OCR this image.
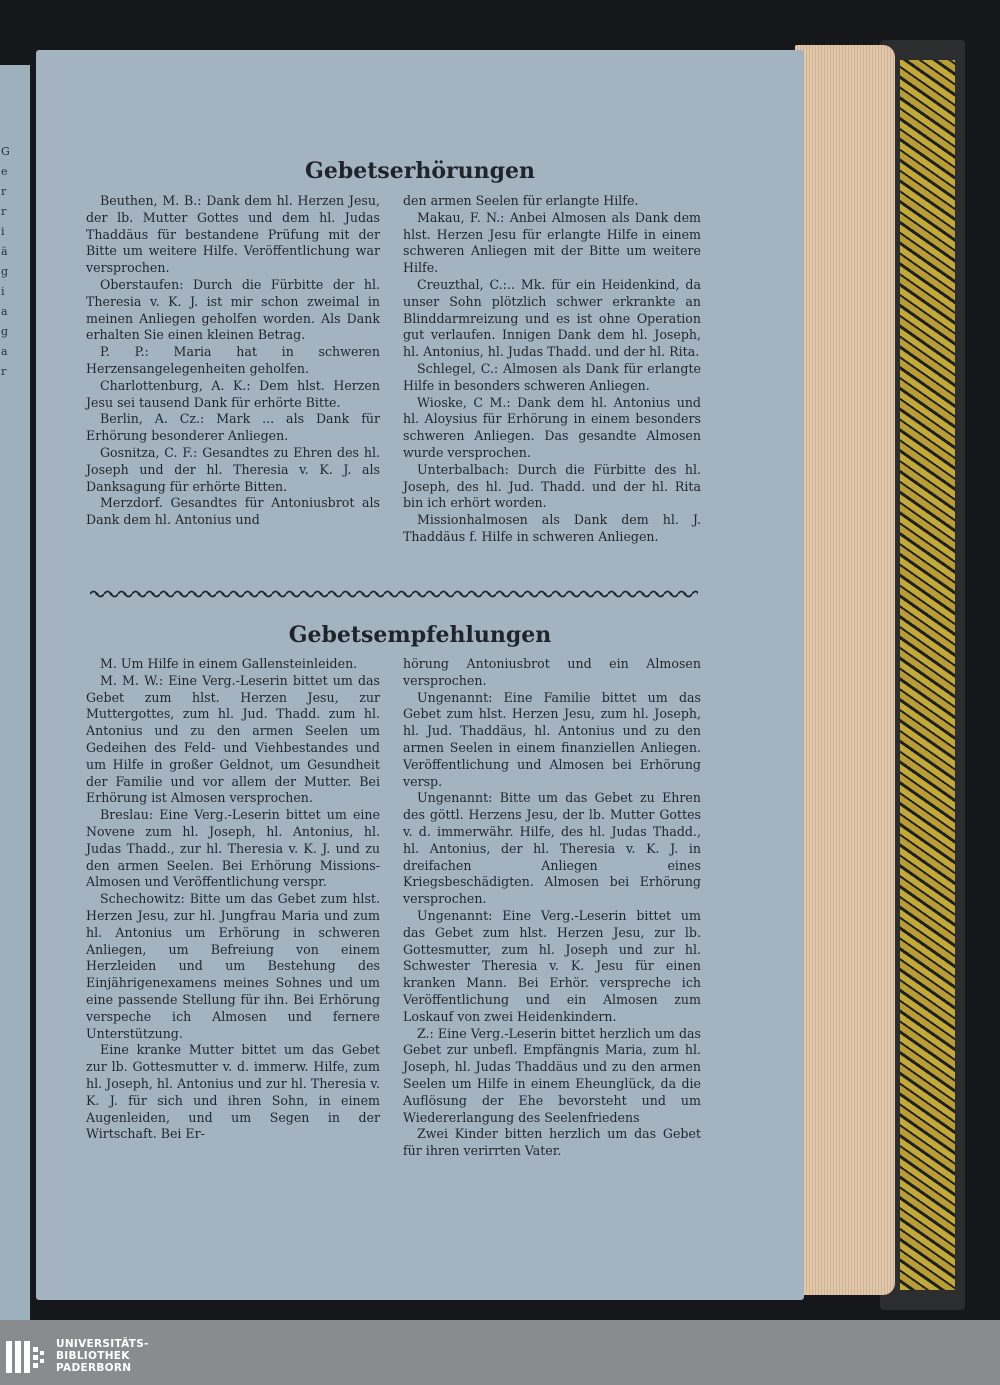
G
e
r
r
i
ä
g
i
a
g
a
r
Gebetserhörungen

Beuthen, M. B.: Dank dem hl. Herzen Jesu, der lb. Mutter Gottes und dem hl. Judas Thaddäus für bestandene Prüfung mit der Bitte um weitere Hilfe. Veröffentlichung war versprochen.

Oberstaufen: Durch die Fürbitte der hl. Theresia v. K. J. ist mir schon zweimal in meinen Anliegen geholfen worden. Als Dank erhalten Sie einen kleinen Betrag.

P. P.: Maria hat in schweren Herzensangelegenheiten geholfen.

Charlottenburg, A. K.: Dem hlst. Herzen Jesu sei tausend Dank für erhörte Bitte.

Berlin, A. Cz.: Mark ... als Dank für Erhörung besonderer Anliegen.

Gosnitza, C. F.: Gesandtes zu Ehren des hl. Joseph und der hl. Theresia v. K. J. als Danksagung für erhörte Bitten.

Merzdorf. Gesandtes für Antoniusbrot als Dank dem hl. Antonius und

den armen Seelen für erlangte Hilfe.

Makau, F. N.: Anbei Almosen als Dank dem hlst. Herzen Jesu für erlangte Hilfe in einem schweren Anliegen mit der Bitte um weitere Hilfe.

Creuzthal, C.:.. Mk. für ein Heidenkind, da unser Sohn plötzlich schwer erkrankte an Blinddarmreizung und es ist ohne Operation gut verlaufen. Innigen Dank dem hl. Joseph, hl. Antonius, hl. Judas Thadd. und der hl. Rita.

Schlegel, C.: Almosen als Dank für erlangte Hilfe in besonders schweren Anliegen.

Wioske, C M.: Dank dem hl. Antonius und hl. Aloysius für Erhörung in einem besonders schweren Anliegen. Das gesandte Almosen wurde versprochen.

Unterbalbach: Durch die Fürbitte des hl. Joseph, des hl. Jud. Thadd. und der hl. Rita bin ich erhört worden.

Missionhalmosen als Dank dem hl. J. Thaddäus f. Hilfe in schweren Anliegen.

Gebetsempfehlungen

M. Um Hilfe in einem Gallensteinleiden.

M. M. W.: Eine Verg.-Leserin bittet um das Gebet zum hlst. Herzen Jesu, zur Muttergottes, zum hl. Jud. Thadd. zum hl. Antonius und zu den armen Seelen um Gedeihen des Feld- und Viehbestandes und um Hilfe in großer Geldnot, um Gesundheit der Familie und vor allem der Mutter. Bei Erhörung ist Almosen versprochen.

Breslau: Eine Verg.-Leserin bittet um eine Novene zum hl. Joseph, hl. Antonius, hl. Judas Thadd., zur hl. Theresia v. K. J. und zu den armen Seelen. Bei Erhörung Missions-Almosen und Veröffentlichung verspr.

Schechowitz: Bitte um das Gebet zum hlst. Herzen Jesu, zur hl. Jungfrau Maria und zum hl. Antonius um Erhörung in schweren Anliegen, um Befreiung von einem Herzleiden und um Bestehung des Einjährigenexamens meines Sohnes und um eine passende Stellung für ihn. Bei Erhörung verspeche ich Almosen und fernere Unterstützung.

Eine kranke Mutter bittet um das Gebet zur lb. Gottesmutter v. d. immerw. Hilfe, zum hl. Joseph, hl. Antonius und zur hl. Theresia v. K. J. für sich und ihren Sohn, in einem Augenleiden, und um Segen in der Wirtschaft. Bei Er-

hörung Antoniusbrot und ein Almosen versprochen.

Ungenannt: Eine Familie bittet um das Gebet zum hlst. Herzen Jesu, zum hl. Joseph, hl. Jud. Thaddäus, hl. Antonius und zu den armen Seelen in einem finanziellen Anliegen. Veröffentlichung und Almosen bei Erhörung versp.

Ungenannt: Bitte um das Gebet zu Ehren des göttl. Herzens Jesu, der lb. Mutter Gottes v. d. immerwähr. Hilfe, des hl. Judas Thadd., hl. Antonius, der hl. Theresia v. K. J. in dreifachen Anliegen eines Kriegsbeschädigten. Almosen bei Erhörung versprochen.

Ungenannt: Eine Verg.-Leserin bittet um das Gebet zum hlst. Herzen Jesu, zur lb. Gottesmutter, zum hl. Joseph und zur hl. Schwester Theresia v. K. Jesu für einen kranken Mann. Bei Erhör. verspreche ich Veröffentlichung und ein Almosen zum Loskauf von zwei Heidenkindern.

Z.: Eine Verg.-Leserin bittet herzlich um das Gebet zur unbefl. Empfängnis Maria, zum hl. Joseph, hl. Judas Thaddäus und zu den armen Seelen um Hilfe in einem Eheunglück, da die Auflösung der Ehe bevorsteht und um Wiedererlangung des Seelenfriedens

Zwei Kinder bitten herzlich um das Gebet für ihren verirrten Vater.

UNIVERSITÄTS-
BIBLIOTHEK
PADERBORN
